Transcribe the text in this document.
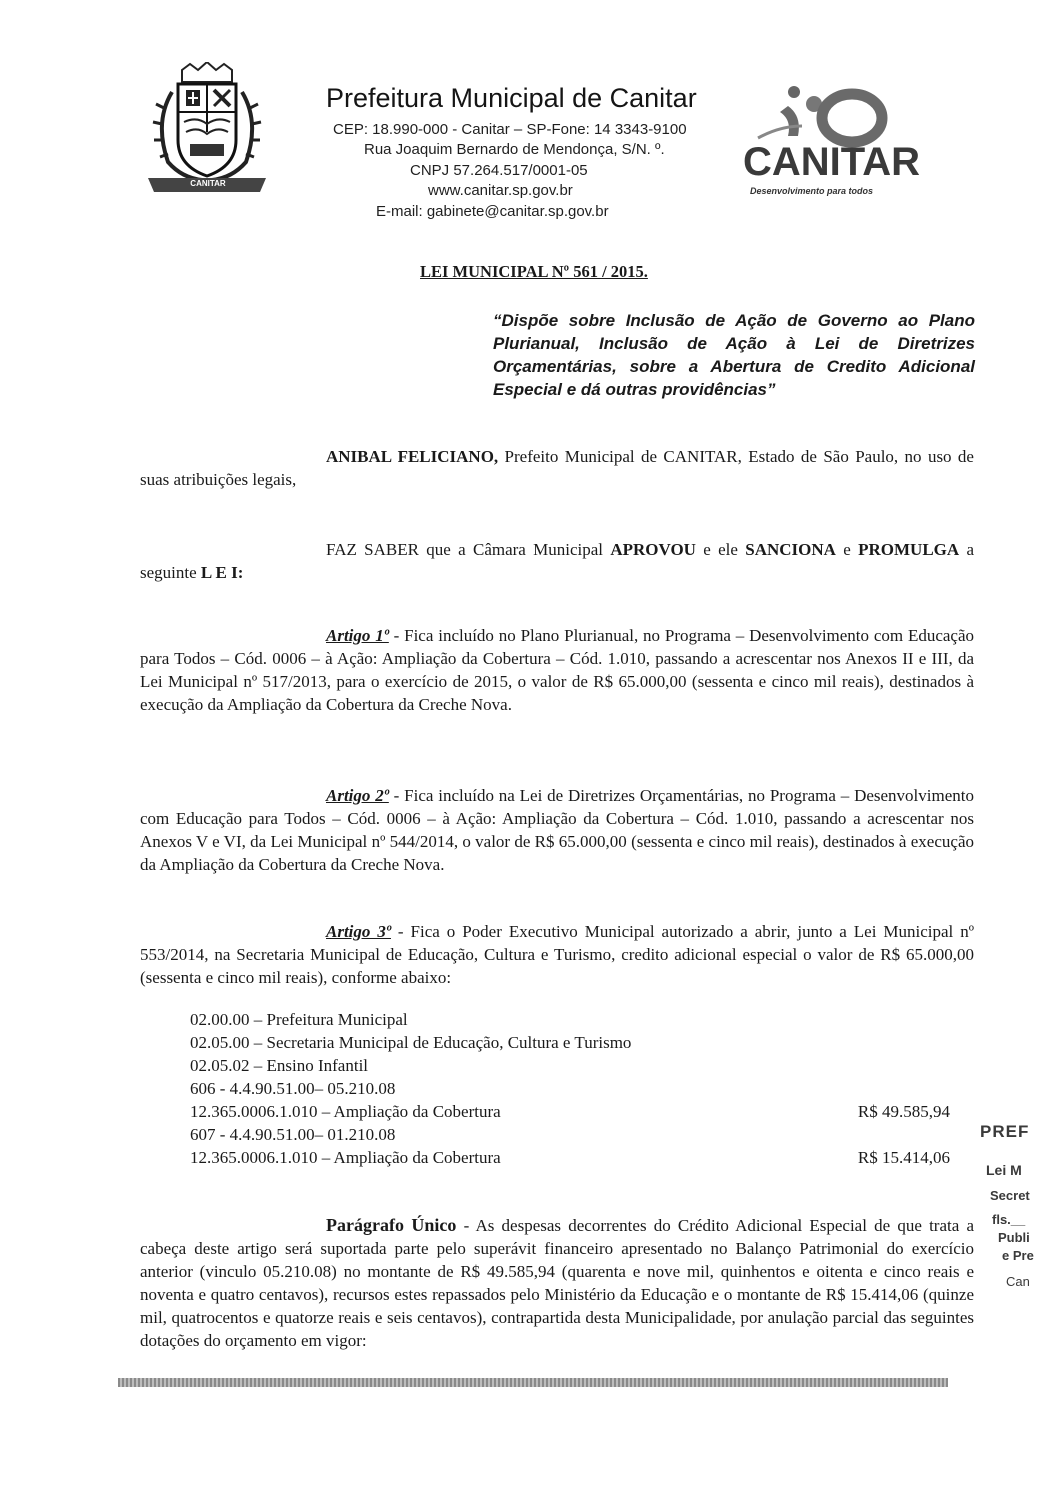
CANITAR
Prefeitura Municipal de Canitar
CEP: 18.990-000 - Canitar – SP-Fone: 14 3343-9100
Rua Joaquim Bernardo de Mendonça, S/N. º.
CNPJ 57.264.517/0001-05
www.canitar.sp.gov.br
E-mail: gabinete@canitar.sp.gov.br
CANITAR
Desenvolvimento para todos
LEI MUNICIPAL Nº 561 / 2015.
“Dispõe sobre Inclusão de Ação de Governo ao Plano Plurianual, Inclusão de Ação à Lei de Diretrizes Orçamentárias, sobre a Abertura de Credito Adicional Especial e dá outras providências”
ANIBAL FELICIANO, Prefeito Municipal de CANITAR, Estado de São Paulo, no uso de suas atribuições legais,
FAZ SABER que a Câmara Municipal APROVOU e ele SANCIONA e PROMULGA a seguinte L E I:
Artigo 1º - Fica incluído no Plano Plurianual, no Programa – Desenvolvimento com Educação para Todos – Cód. 0006 – à Ação: Ampliação da Cobertura – Cód. 1.010, passando a acrescentar nos Anexos II e III, da Lei Municipal nº 517/2013, para o exercício de 2015, o valor de R$ 65.000,00 (sessenta e cinco mil reais), destinados à execução da Ampliação da Cobertura da Creche Nova.
Artigo 2º - Fica incluído na Lei de Diretrizes Orçamentárias, no Programa – Desenvolvimento com Educação para Todos – Cód. 0006 – à Ação: Ampliação da Cobertura – Cód. 1.010, passando a acrescentar nos Anexos V e VI, da Lei Municipal nº 544/2014, o valor de R$ 65.000,00 (sessenta e cinco mil reais), destinados à execução da Ampliação da Cobertura da Creche Nova.
Artigo 3º - Fica o Poder Executivo Municipal autorizado a abrir, junto a Lei Municipal nº 553/2014, na Secretaria Municipal de Educação, Cultura e Turismo, credito adicional especial o valor de R$ 65.000,00 (sessenta e cinco mil reais), conforme abaixo:
02.00.00 – Prefeitura Municipal
02.05.00 – Secretaria Municipal de Educação, Cultura e Turismo
02.05.02 – Ensino Infantil
606 - 4.4.90.51.00– 05.210.08
12.365.0006.1.010 – Ampliação da Cobertura	R$ 49.585,94
607 - 4.4.90.51.00– 01.210.08
12.365.0006.1.010 – Ampliação da Cobertura	R$ 15.414,06
Parágrafo Único - As despesas decorrentes do Crédito Adicional Especial de que trata a cabeça deste artigo será suportada parte pelo superávit financeiro apresentado no Balanço Patrimonial do exercício anterior (vinculo 05.210.08) no montante de R$ 49.585,94 (quarenta e nove mil, quinhentos e oitenta e cinco reais e noventa e quatro centavos), recursos estes repassados pelo Ministério da Educação e o montante de R$ 15.414,06 (quinze mil, quatrocentos e quatorze reais e seis centavos), contrapartida desta Municipalidade, por anulação parcial das seguintes dotações do orçamento em vigor:
PREF
Lei M
Secret
fls.__
Publi
e Pre
Can
